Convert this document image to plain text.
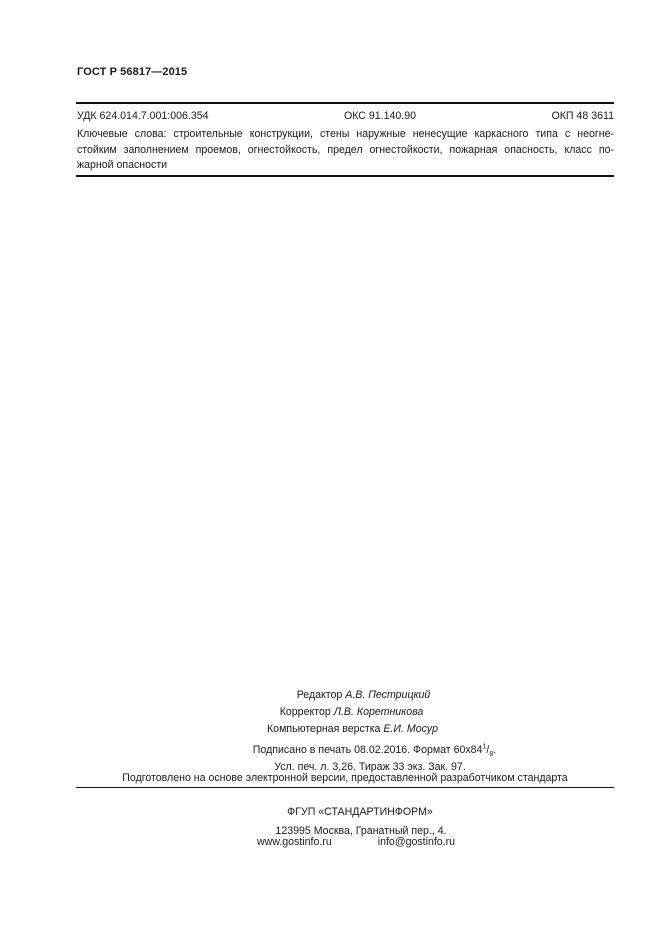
ГОСТ Р 56817—2015
УДК 624.014.7.001:006.354	ОКС 91.140.90	ОКП 48 3611
Ключевые слова: строительные конструкции, стены наружные ненесущие каркасного типа с неогне-
стойким заполнением проемов, огнестойкость, предел огнестойкости, пожарная опасность, класс по-
жарной опасности
Редактор А.В. Пестрицкий
Корректор Л.В. Коретникова
Компьютерная верстка Е.И. Мосур
Подписано в печать 08.02.2016. Формат $60x84^1/_8$.
Усл. печ. л. 3,26. Тираж 33 экз. Зак. 97.
Подготовлено на основе электронной версии, предоставленной разработчиком стандарта
ФГУП «СТАНДАРТИНФОРМ»
123995 Москва, Гранатный пер., 4.
www.gostinfo.ru	info@gostinfo.ru
